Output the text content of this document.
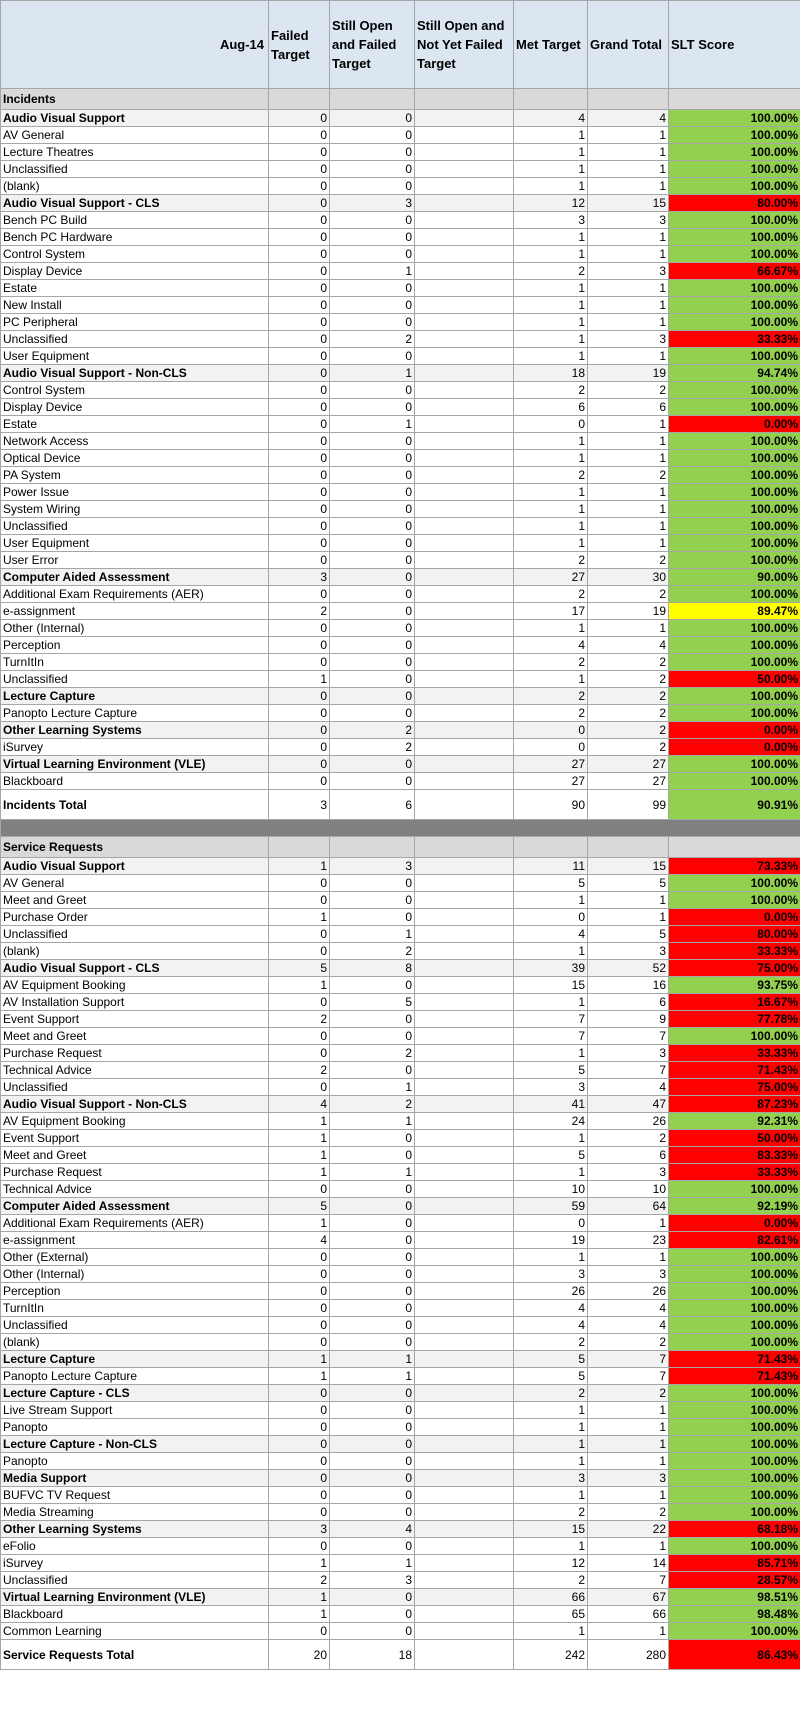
Aug-14	Failed Target	Still Open and Failed Target	Still Open and Not Yet Failed Target	Met Target	Grand Total	SLT Score
Incidents						
Audio Visual Support	0	0		4	4	100.00%
AV General	0	0		1	1	100.00%
Lecture Theatres	0	0		1	1	100.00%
Unclassified	0	0		1	1	100.00%
(blank)	0	0		1	1	100.00%
Audio Visual Support - CLS	0	3		12	15	80.00%
Bench PC Build	0	0		3	3	100.00%
Bench PC Hardware	0	0		1	1	100.00%
Control System	0	0		1	1	100.00%
Display Device	0	1		2	3	66.67%
Estate	0	0		1	1	100.00%
New Install	0	0		1	1	100.00%
PC Peripheral	0	0		1	1	100.00%
Unclassified	0	2		1	3	33.33%
User Equipment	0	0		1	1	100.00%
Audio Visual Support - Non-CLS	0	1		18	19	94.74%
Control System	0	0		2	2	100.00%
Display Device	0	0		6	6	100.00%
Estate	0	1		0	1	0.00%
Network Access	0	0		1	1	100.00%
Optical Device	0	0		1	1	100.00%
PA System	0	0		2	2	100.00%
Power Issue	0	0		1	1	100.00%
System Wiring	0	0		1	1	100.00%
Unclassified	0	0		1	1	100.00%
User Equipment	0	0		1	1	100.00%
User Error	0	0		2	2	100.00%
Computer Aided Assessment	3	0		27	30	90.00%
Additional Exam Requirements (AER)	0	0		2	2	100.00%
e-assignment	2	0		17	19	89.47%
Other (Internal)	0	0		1	1	100.00%
Perception	0	0		4	4	100.00%
TurnItIn	0	0		2	2	100.00%
Unclassified	1	0		1	2	50.00%
Lecture Capture	0	0		2	2	100.00%
Panopto Lecture Capture	0	0		2	2	100.00%
Other Learning Systems	0	2		0	2	0.00%
iSurvey	0	2		0	2	0.00%
Virtual Learning Environment (VLE)	0	0		27	27	100.00%
Blackboard	0	0		27	27	100.00%
Incidents Total	3	6		90	99	90.91%

Service Requests						
Audio Visual Support	1	3		11	15	73.33%
AV General	0	0		5	5	100.00%
Meet and Greet	0	0		1	1	100.00%
Purchase Order	1	0		0	1	0.00%
Unclassified	0	1		4	5	80.00%
(blank)	0	2		1	3	33.33%
Audio Visual Support - CLS	5	8		39	52	75.00%
AV Equipment Booking	1	0		15	16	93.75%
AV Installation Support	0	5		1	6	16.67%
Event Support	2	0		7	9	77.78%
Meet and Greet	0	0		7	7	100.00%
Purchase Request	0	2		1	3	33.33%
Technical Advice	2	0		5	7	71.43%
Unclassified	0	1		3	4	75.00%
Audio Visual Support - Non-CLS	4	2		41	47	87.23%
AV Equipment Booking	1	1		24	26	92.31%
Event Support	1	0		1	2	50.00%
Meet and Greet	1	0		5	6	83.33%
Purchase Request	1	1		1	3	33.33%
Technical Advice	0	0		10	10	100.00%
Computer Aided Assessment	5	0		59	64	92.19%
Additional Exam Requirements (AER)	1	0		0	1	0.00%
e-assignment	4	0		19	23	82.61%
Other (External)	0	0		1	1	100.00%
Other (Internal)	0	0		3	3	100.00%
Perception	0	0		26	26	100.00%
TurnItIn	0	0		4	4	100.00%
Unclassified	0	0		4	4	100.00%
(blank)	0	0		2	2	100.00%
Lecture Capture	1	1		5	7	71.43%
Panopto Lecture Capture	1	1		5	7	71.43%
Lecture Capture - CLS	0	0		2	2	100.00%
Live Stream Support	0	0		1	1	100.00%
Panopto	0	0		1	1	100.00%
Lecture Capture - Non-CLS	0	0		1	1	100.00%
Panopto	0	0		1	1	100.00%
Media Support	0	0		3	3	100.00%
BUFVC TV Request	0	0		1	1	100.00%
Media Streaming	0	0		2	2	100.00%
Other Learning Systems	3	4		15	22	68.18%
eFolio	0	0		1	1	100.00%
iSurvey	1	1		12	14	85.71%
Unclassified	2	3		2	7	28.57%
Virtual Learning Environment (VLE)	1	0		66	67	98.51%
Blackboard	1	0		65	66	98.48%
Common Learning	0	0		1	1	100.00%
Service Requests Total	20	18		242	280	86.43%
